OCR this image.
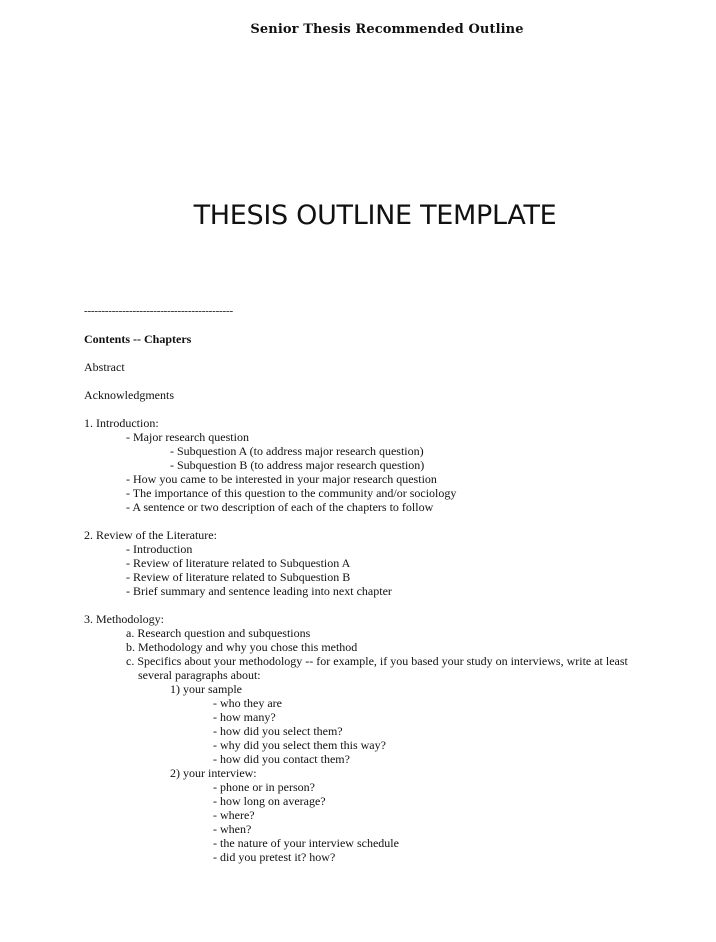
Senior Thesis Recommended Outline
THESIS OUTLINE TEMPLATE
-------------------------------------------
Contents -- Chapters
Abstract
Acknowledgments
1. Introduction:
- Major research question
- Subquestion A (to address major research question)
- Subquestion B (to address major research question)
- How you came to be interested in your major research question
- The importance of this question to the community and/or sociology
- A sentence or two description of each of the chapters to follow
2. Review of the Literature:
- Introduction
- Review of literature related to Subquestion A
- Review of literature related to Subquestion B
- Brief summary and sentence leading into next chapter
3. Methodology:
a. Research question and subquestions
b. Methodology and why you chose this method
c. Specifics about your methodology -- for example, if you based your study on interviews, write at least
several paragraphs about:
1) your sample
- who they are
- how many?
- how did you select them?
- why did you select them this way?
- how did you contact them?
2) your interview:
- phone or in person?
- how long on average?
- where?
- when?
- the nature of your interview schedule
- did you pretest it? how?
